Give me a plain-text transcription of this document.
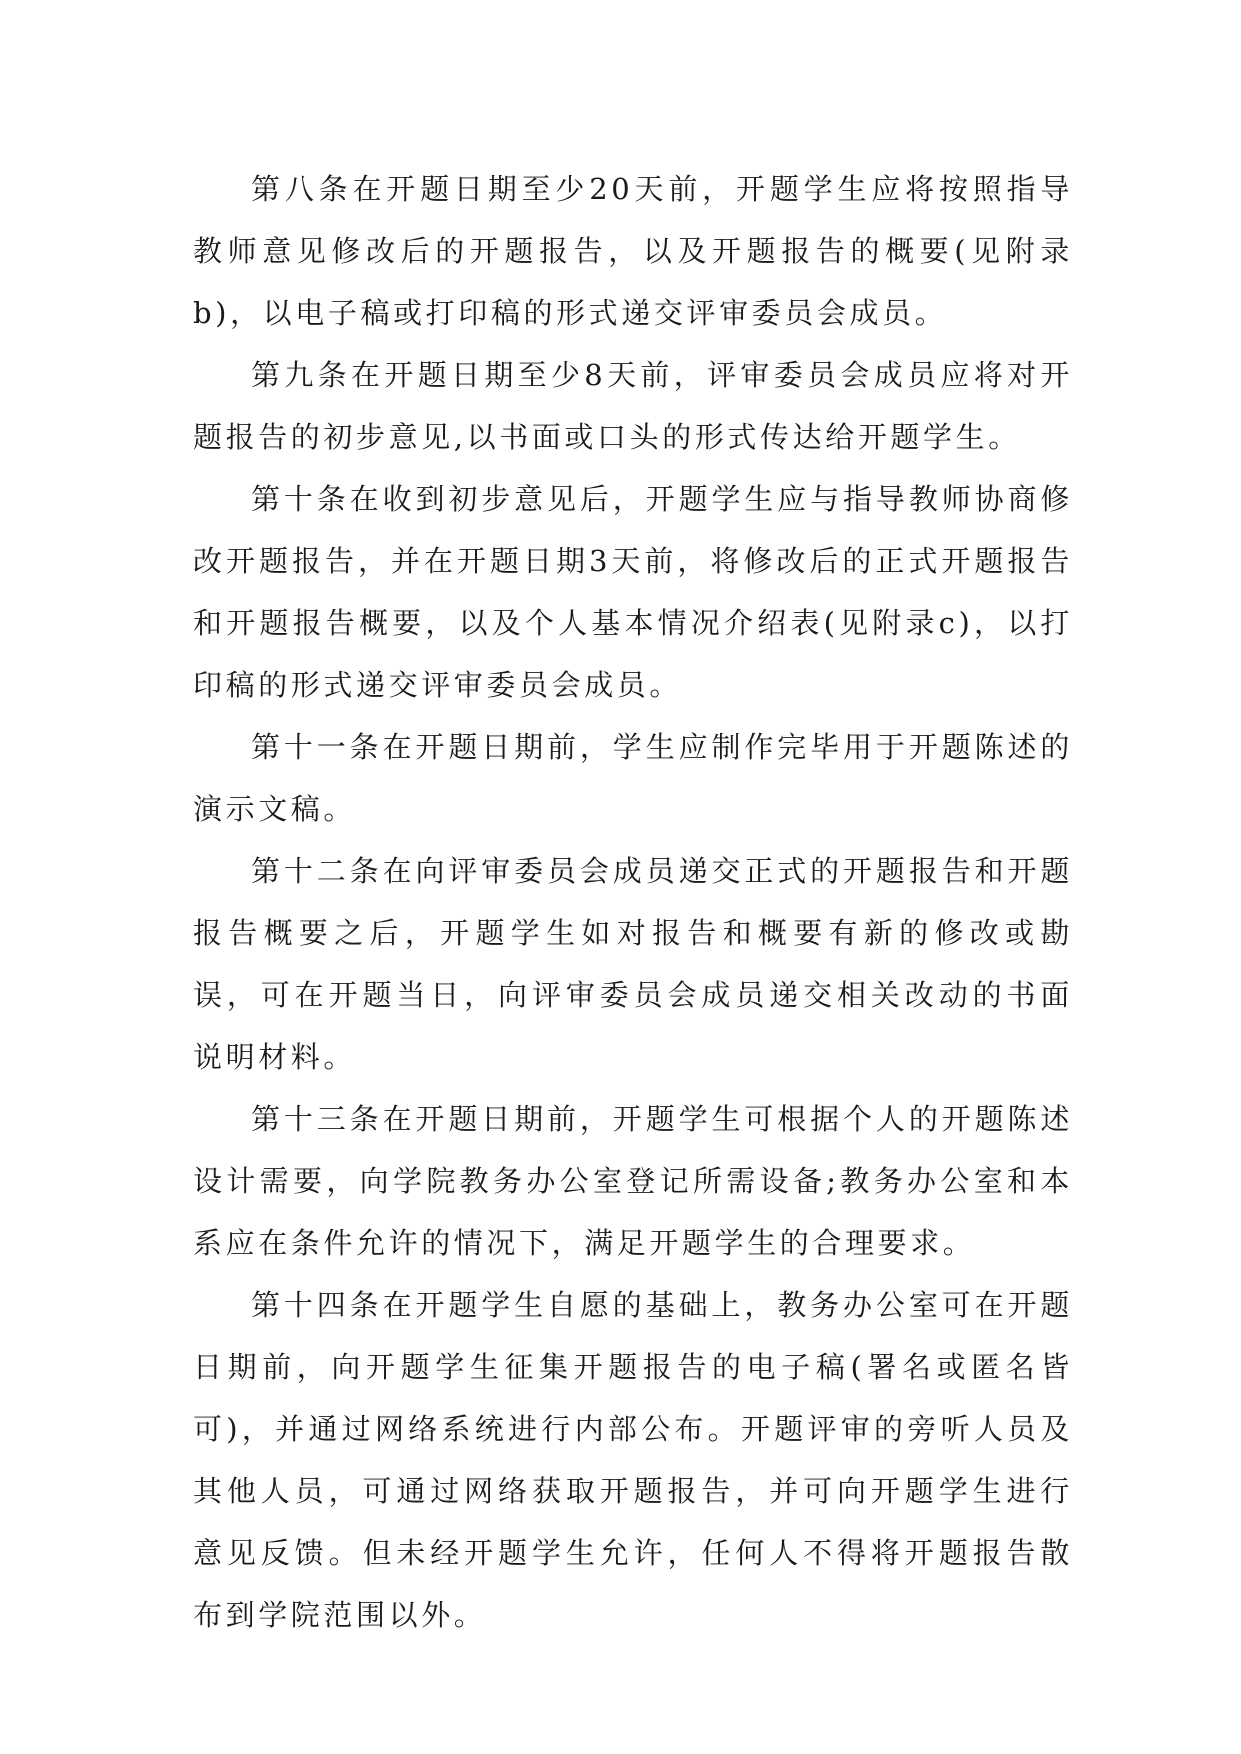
第八条在开题日期至少20天前，开题学生应将按照指导教师意见修改后的开题报告，以及开题报告的概要(见附录b)，以电子稿或打印稿的形式递交评审委员会成员。

第九条在开题日期至少8天前，评审委员会成员应将对开题报告的初步意见,以书面或口头的形式传达给开题学生。

第十条在收到初步意见后，开题学生应与指导教师协商修改开题报告，并在开题日期3天前，将修改后的正式开题报告和开题报告概要，以及个人基本情况介绍表(见附录c)，以打印稿的形式递交评审委员会成员。

第十一条在开题日期前，学生应制作完毕用于开题陈述的演示文稿。

第十二条在向评审委员会成员递交正式的开题报告和开题报告概要之后，开题学生如对报告和概要有新的修改或勘误，可在开题当日，向评审委员会成员递交相关改动的书面说明材料。

第十三条在开题日期前，开题学生可根据个人的开题陈述设计需要，向学院教务办公室登记所需设备;教务办公室和本系应在条件允许的情况下，满足开题学生的合理要求。

第十四条在开题学生自愿的基础上，教务办公室可在开题日期前，向开题学生征集开题报告的电子稿(署名或匿名皆可)，并通过网络系统进行内部公布。开题评审的旁听人员及其他人员，可通过网络获取开题报告，并可向开题学生进行意见反馈。但未经开题学生允许，任何人不得将开题报告散布到学院范围以外。
